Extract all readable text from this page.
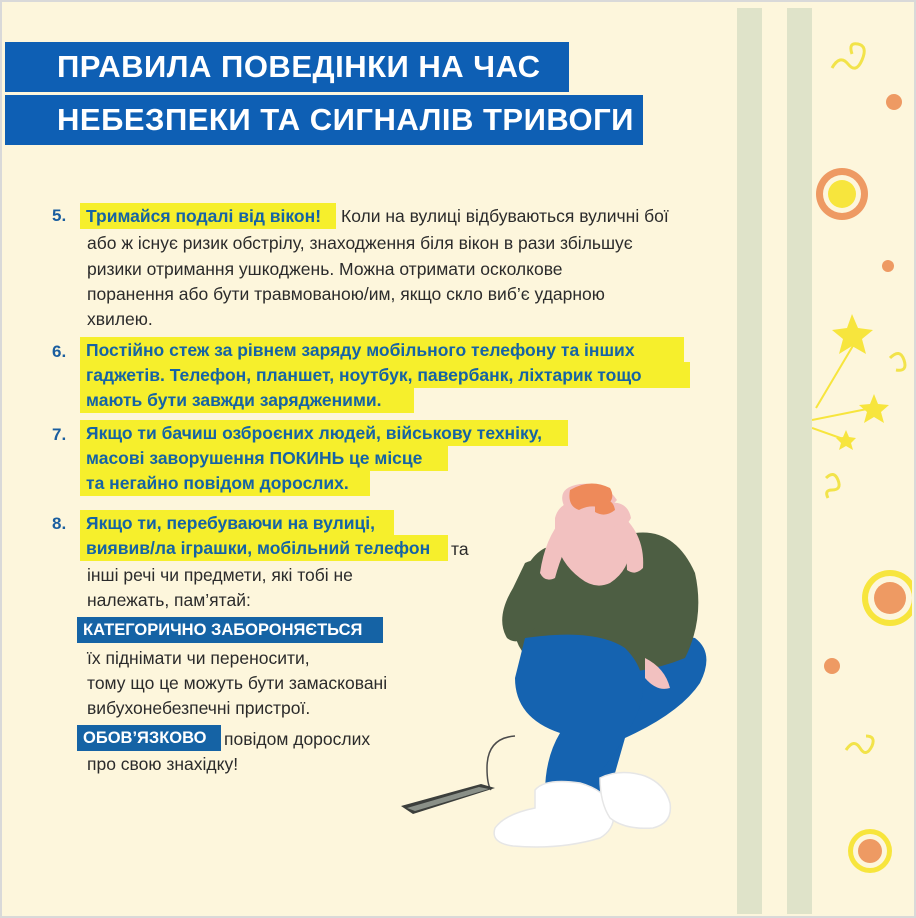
ПРАВИЛА ПОВЕДІНКИ НА ЧАС
НЕБЕЗПЕКИ ТА СИГНАЛІВ ТРИВОГИ
5.	Тримайся подалі від вікон!	Коли на вулиці відбуваються вуличні бої
або ж існує ризик обстрілу, знаходження біля вікон в рази збільшує
ризики отримання ушкоджень. Можна отримати осколкове
поранення або бути травмованою/им, якщо скло виб’є ударною
хвилею.
6.	Постійно стеж за рівнем заряду мобільного телефону та інших
гаджетів. Телефон, планшет, ноутбук, павербанк, ліхтарик тощо
мають бути завжди зарядженими.
7.	Якщо ти бачиш озброєних людей, військову техніку,
масові заворушення ПОКИНЬ це місце
та негайно повідом дорослих.
8.	Якщо ти, перебуваючи на вулиці,
виявив/ла іграшки, мобільний телефон	та
інші речі чи предмети, які тобі не
належать, пам’ятай:
КАТЕГОРИЧНО ЗАБОРОНЯЄТЬСЯ
їх піднімати чи переносити,
тому що це можуть бути замасковані
вибухонебезпечні пристрої.
ОБОВ’ЯЗКОВО	повідом дорослих
про свою знахідку!
